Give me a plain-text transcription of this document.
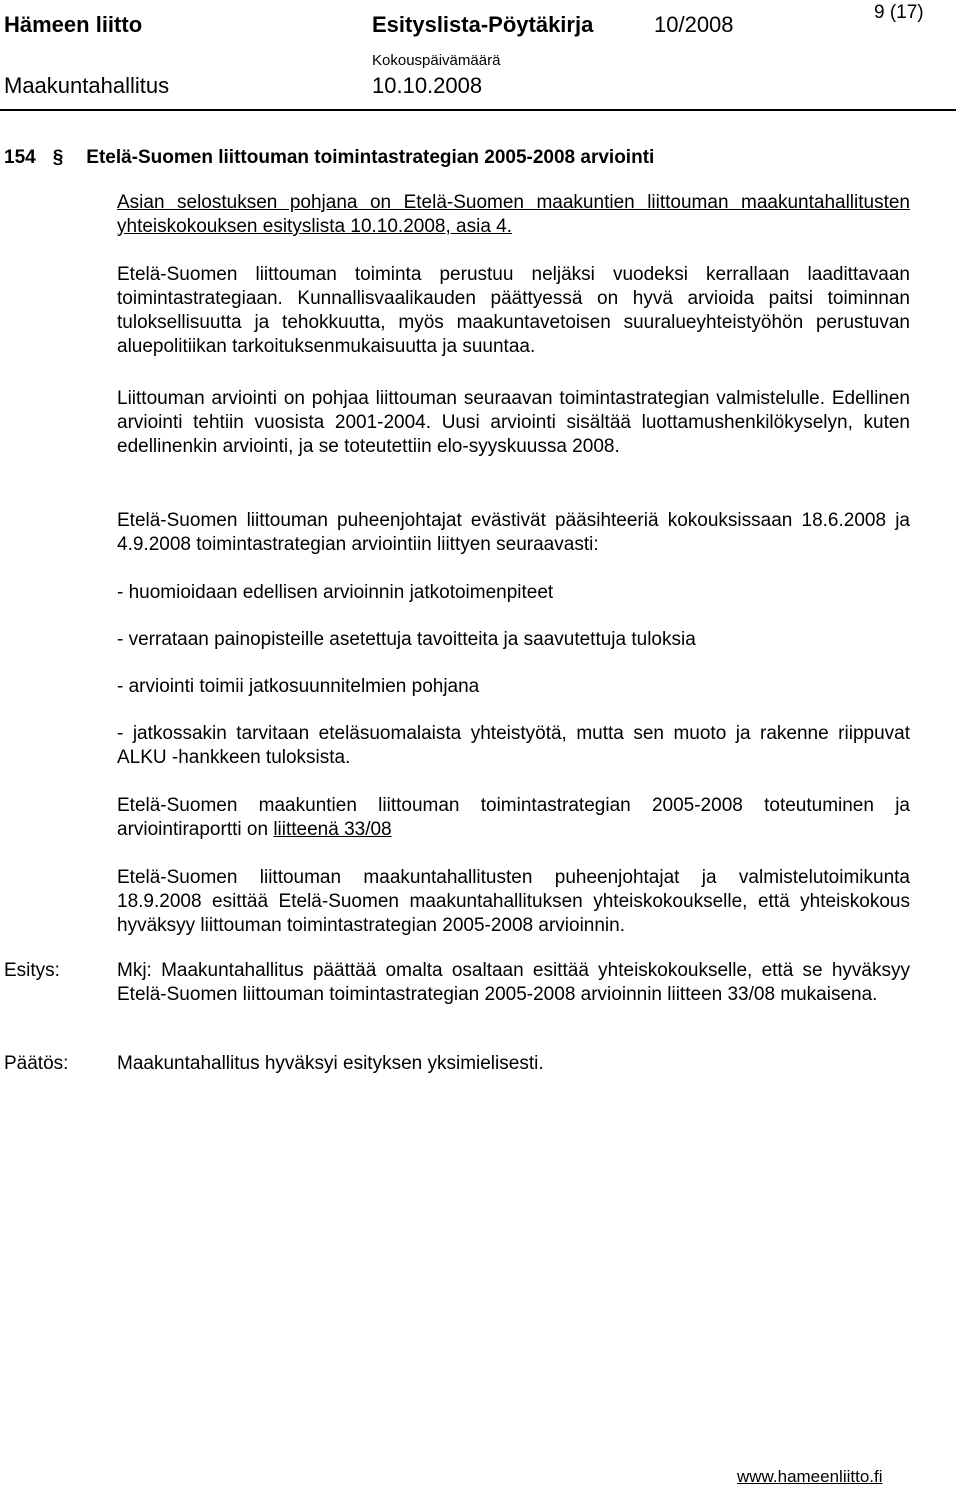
Hämeen liitto	Esityslista-Pöytäkirja	10/2008	9 (17)
Kokouspäivämäärä
Maakuntahallitus	10.10.2008
154 § Etelä-Suomen liittouman toimintastrategian 2005-2008 arviointi

Asian selostuksen pohjana on Etelä-Suomen maakuntien liittouman maakuntahallitusten yhteiskokouksen esityslista 10.10.2008, asia 4.

Etelä-Suomen liittouman toiminta perustuu neljäksi vuodeksi kerrallaan laadittavaan toimintastrategiaan. Kunnallisvaalikauden päättyessä on hyvä arvioida paitsi toiminnan tuloksellisuutta ja tehokkuutta, myös maakuntavetoisen suuralueyhteistyöhön perustuvan aluepolitiikan tarkoituksenmukaisuutta ja suuntaa.

Liittouman arviointi on pohjaa liittouman seuraavan toimintastrategian valmistelulle. Edellinen arviointi tehtiin vuosista 2001-2004. Uusi arviointi sisältää luottamushenkilökyselyn, kuten edellinenkin arviointi, ja se toteutettiin elo-syyskuussa 2008.

Etelä-Suomen liittouman puheenjohtajat evästivät pääsihteeriä kokouksissaan 18.6.2008 ja 4.9.2008 toimintastrategian arviointiin liittyen seuraavasti:

- huomioidaan edellisen arvioinnin jatkotoimenpiteet

- verrataan painopisteille asetettuja tavoitteita ja saavutettuja tuloksia

- arviointi toimii jatkosuunnitelmien pohjana

- jatkossakin tarvitaan eteläsuomalaista yhteistyötä, mutta sen muoto ja rakenne riippuvat ALKU -hankkeen tuloksista.

Etelä-Suomen maakuntien liittouman toimintastrategian 2005-2008 toteutuminen ja arviointiraportti on liitteenä 33/08

Etelä-Suomen liittouman maakuntahallitusten puheenjohtajat ja valmistelutoimikunta 18.9.2008 esittää Etelä-Suomen maakuntahallituksen yhteiskokoukselle, että yhteiskokous hyväksyy liittouman toimintastrategian 2005-2008 arvioinnin.

Esitys:	Mkj: Maakuntahallitus päättää omalta osaltaan esittää yhteiskokoukselle, että se hyväksyy Etelä-Suomen liittouman toimintastrategian 2005-2008 arvioinnin liitteen 33/08 mukaisena.

Päätös:	Maakuntahallitus hyväksyi esityksen yksimielisesti.

www.hameenliitto.fi
